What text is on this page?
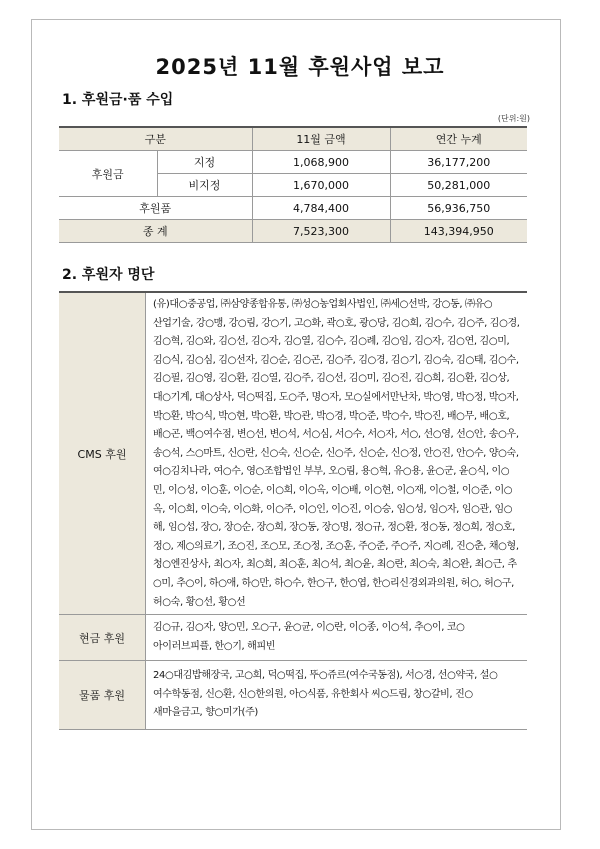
2025년 11월 후원사업 보고
1. 후원금·품 수입
(단위:원)
구분		11월 금액	연간 누계
후원금	지정	1,068,900	36,177,200
	비지정	1,670,000	50,281,000
후원품		4,784,400	56,936,750
종 계		7,523,300	143,394,950
2. 후원자 명단
CMS 후원	(유)대○중공업, ㈜삼양종합유통, ㈜성○농업회사법인, ㈜세○선박, 강○동, ㈜유○산업기술, 강○맹, 강○림, 강○기, 고○화, 곽○호, 광○당, 김○희, 김○수, 김○주, 김○경, 김○혁, 김○와, 김○선, 김○자, 김○열, 김○수, 김○례, 김○임, 김○자, 김○연, 김○미, 김○식, 김○심, 김○선자, 김○순, 김○곤, 김○주, 김○경, 김○기, 김○숙, 김○태, 김○수, 김○필, 김○영, 김○환, 김○열, 김○주, 김○선, 김○미, 김○진, 김○희, 김○환, 김○상, 대○기계, 대○상사, 덕○떡집, 도○주, 명○자, 모○실에서만난차, 박○영, 박○정, 박○자, 박○환, 박○식, 박○현, 박○환, 박○관, 박○경, 박○준, 박○수, 박○진, 배○무, 배○호, 배○곤, 백○여수점, 변○선, 변○석, 서○심, 서○수, 서○자, 서○, 선○영, 선○안, 송○우, 송○석, 스○마트, 신○란, 신○숙, 신○순, 신○주, 신○순, 신○정, 안○진, 안○수, 양○숙, 여○김치나라, 여○수, 영○조합법인 부부, 오○림, 용○혁, 유○용, 윤○군, 윤○식, 이○민, 이○성, 이○훈, 이○순, 이○희, 이○옥, 이○배, 이○현, 이○재, 이○철, 이○준, 이○옥, 이○희, 이○숙, 이○화, 이○주, 이○인, 이○진, 이○승, 임○성, 임○자, 임○관, 임○해, 임○섭, 장○, 장○순, 장○희, 장○동, 장○명, 정○규, 정○환, 정○동, 정○희, 정○호, 정○, 제○의료기, 조○진, 조○모, 조○정, 조○훈, 주○준, 주○주, 지○례, 진○춘, 채○형, 청○엔진상사, 최○자, 최○희, 최○훈, 최○석, 최○윤, 최○란, 최○숙, 최○완, 최○근, 추○미, 추○이, 하○애, 하○만, 하○수, 한○구, 한○엽, 한○리신경외과의원, 허○, 허○구, 허○숙, 황○선, 황○선
현금 후원	김○규, 김○자, 양○민, 오○구, 윤○균, 이○란, 이○종, 이○석, 추○이, 코○아이러브피플, 한○기, 해피빈
물품 후원	24○대김밥해장국, 고○희, 덕○떡집, 뚜○쥬르(여수국동점), 서○경, 선○약국, 설○여수학동점, 신○환, 신○한의원, 아○식품, 유한회사 씨○드림, 창○갈비, 진○새마을금고, 향○미가(주)
